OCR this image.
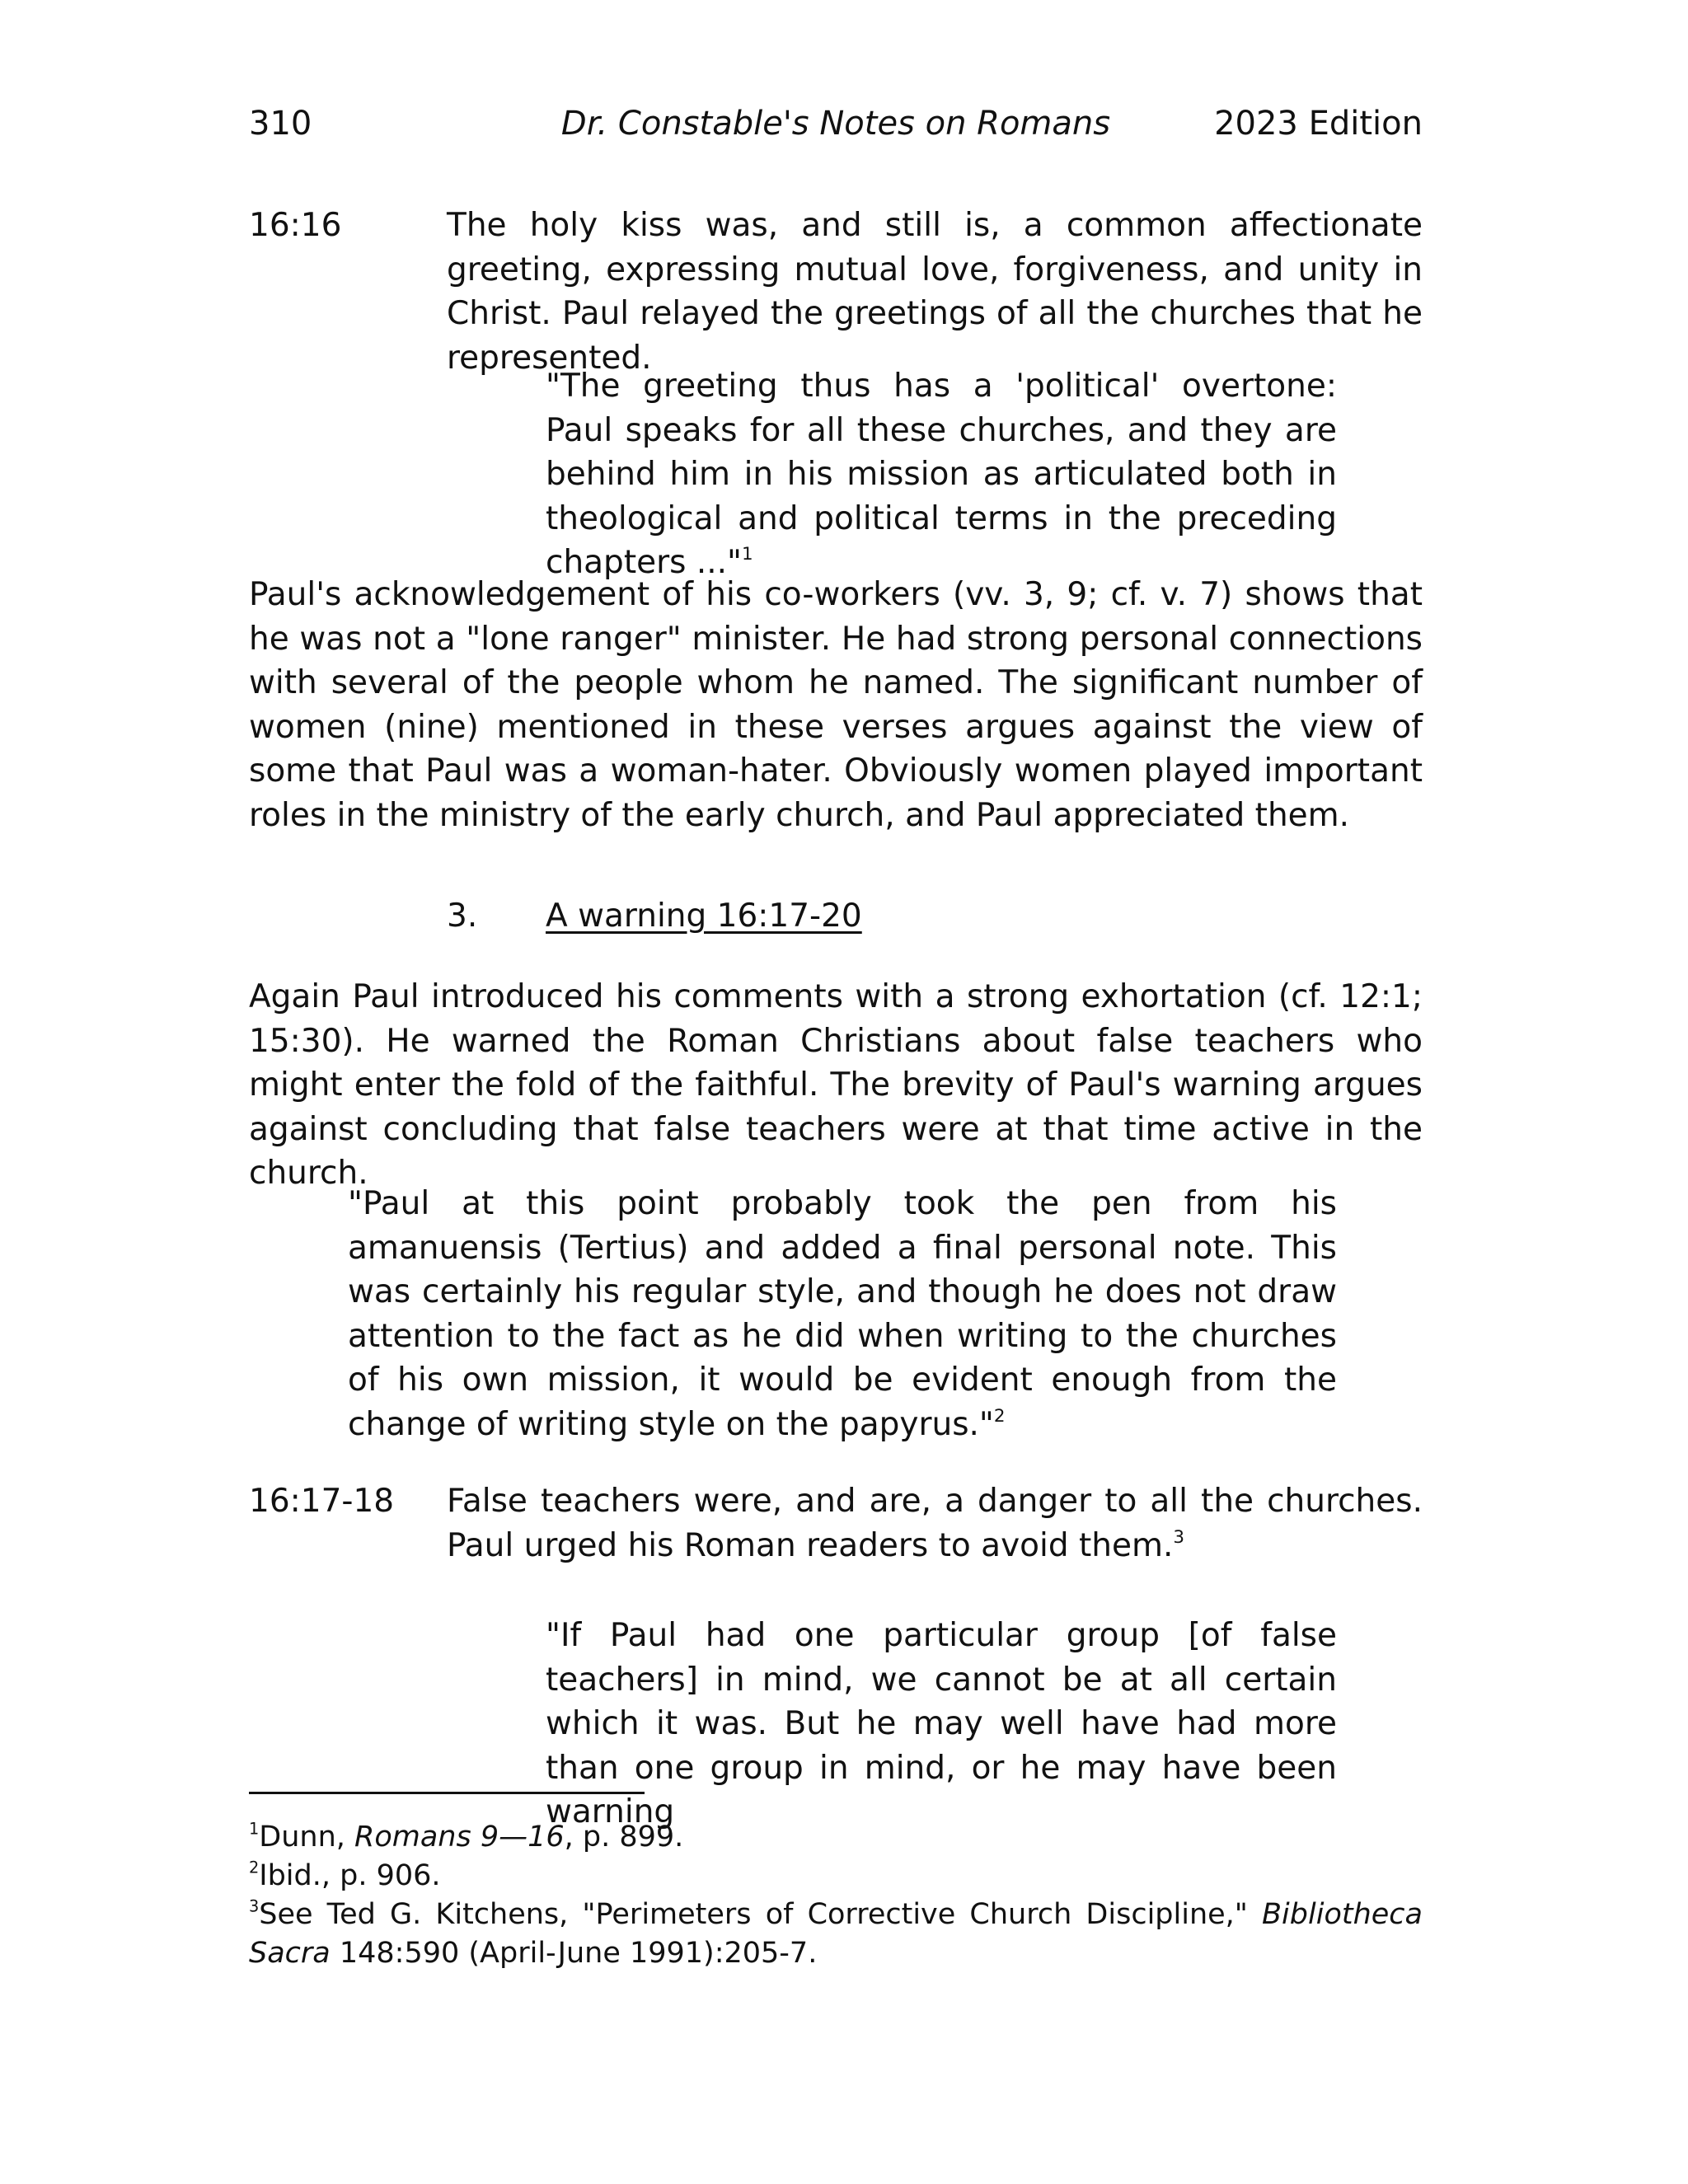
310	Dr. Constable's Notes on Romans	2023 Edition
16:16	The holy kiss was, and still is, a common affectionate greeting, expressing mutual love, forgiveness, and unity in Christ. Paul relayed the greetings of all the churches that he represented.

"The greeting thus has a 'political' overtone: Paul speaks for all these churches, and they are behind him in his mission as articulated both in theological and political terms in the preceding chapters ..."$^1$

Paul's acknowledgement of his co-workers (vv. 3, 9; cf. v. 7) shows that he was not a "lone ranger" minister. He had strong personal connections with several of the people whom he named. The significant number of women (nine) mentioned in these verses argues against the view of some that Paul was a woman-hater. Obviously women played important roles in the ministry of the early church, and Paul appreciated them.

3. A warning 16:17-20

Again Paul introduced his comments with a strong exhortation (cf. 12:1; 15:30). He warned the Roman Christians about false teachers who might enter the fold of the faithful. The brevity of Paul's warning argues against concluding that false teachers were at that time active in the church.

"Paul at this point probably took the pen from his amanuensis (Tertius) and added a final personal note. This was certainly his regular style, and though he does not draw attention to the fact as he did when writing to the churches of his own mission, it would be evident enough from the change of writing style on the papyrus."$^2$

16:17-18 False teachers were, and are, a danger to all the churches. Paul urged his Roman readers to avoid them.$^3$

"If Paul had one particular group [of false teachers] in mind, we cannot be at all certain which it was. But he may well have had more than one group in mind, or he may have been warning

$^1$Dunn, Romans 9—16, p. 899.

$^2$Ibid., p. 906.

$^3$See Ted G. Kitchens, "Perimeters of Corrective Church Discipline," Bibliotheca Sacra 148:590 (April-June 1991):205-7.
